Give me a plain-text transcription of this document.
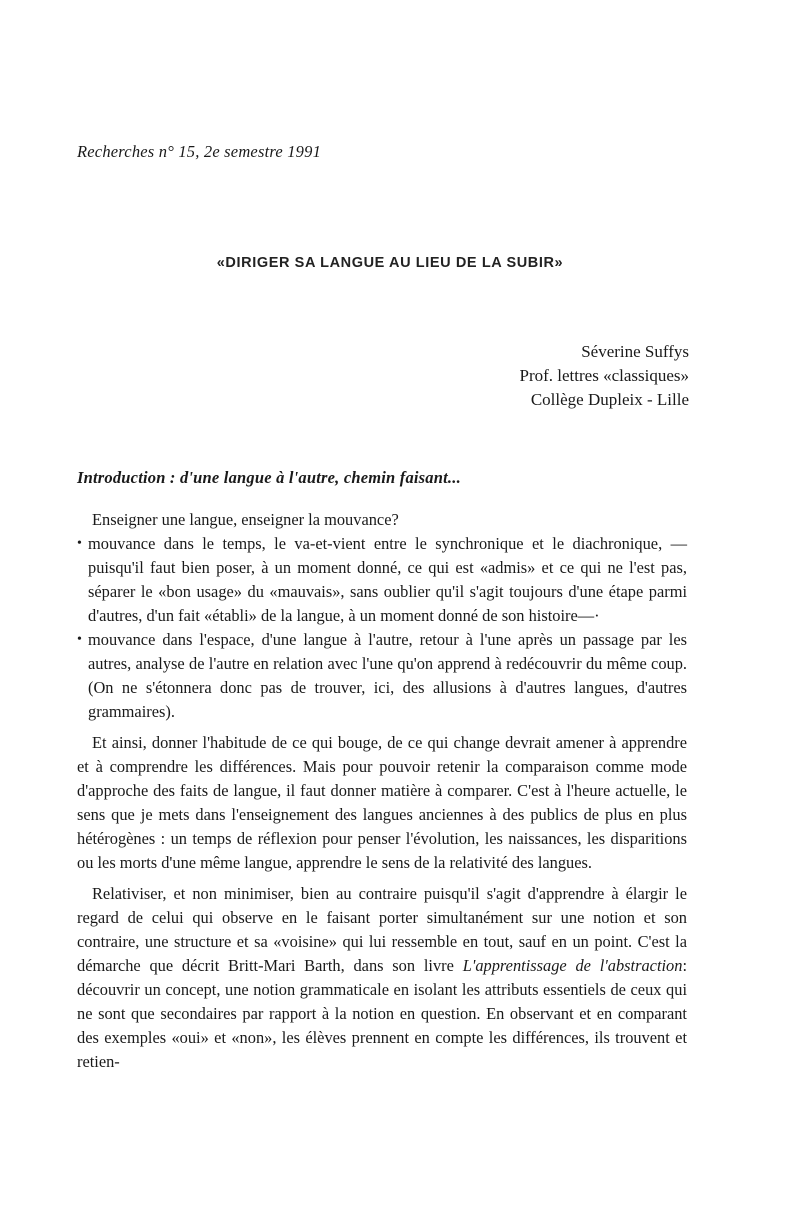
Recherches n° 15, 2e semestre 1991
«DIRIGER SA LANGUE AU LIEU DE LA SUBIR»
Séverine Suffys
Prof. lettres «classiques»
Collège Dupleix - Lille
Introduction : d'une langue à l'autre, chemin faisant...

Enseigner une langue, enseigner la mouvance?

• mouvance dans le temps, le va-et-vient entre le synchronique et le diachronique, —puisqu'il faut bien poser, à un moment donné, ce qui est «admis» et ce qui ne l'est pas, séparer le «bon usage» du «mauvais», sans oublier qu'il s'agit toujours d'une étape parmi d'autres, d'un fait «établi» de la langue, à un moment donné de son histoire—·
• mouvance dans l'espace, d'une langue à l'autre, retour à l'une après un passage par les autres, analyse de l'autre en relation avec l'une qu'on apprend à redécouvrir du même coup. (On ne s'étonnera donc pas de trouver, ici, des allusions à d'autres langues, d'autres grammaires).

Et ainsi, donner l'habitude de ce qui bouge, de ce qui change devrait amener à apprendre et à comprendre les différences. Mais pour pouvoir retenir la comparaison comme mode d'approche des faits de langue, il faut donner matière à comparer. C'est à l'heure actuelle, le sens que je mets dans l'enseignement des langues anciennes à des publics de plus en plus hétérogènes : un temps de réflexion pour penser l'évolution, les naissances, les disparitions ou les morts d'une même langue, apprendre le sens de la relativité des langues.

Relativiser, et non minimiser, bien au contraire puisqu'il s'agit d'apprendre à élargir le regard de celui qui observe en le faisant porter simultanément sur une notion et son contraire, une structure et sa «voisine» qui lui ressemble en tout, sauf en un point. C'est la démarche que décrit Britt-Mari Barth, dans son livre L'apprentissage de l'abstraction: découvrir un concept, une notion grammaticale en isolant les attributs essentiels de ceux qui ne sont que secondaires par rapport à la notion en question. En observant et en comparant des exemples «oui» et «non», les élèves prennent en compte les différences, ils trouvent et retien-
